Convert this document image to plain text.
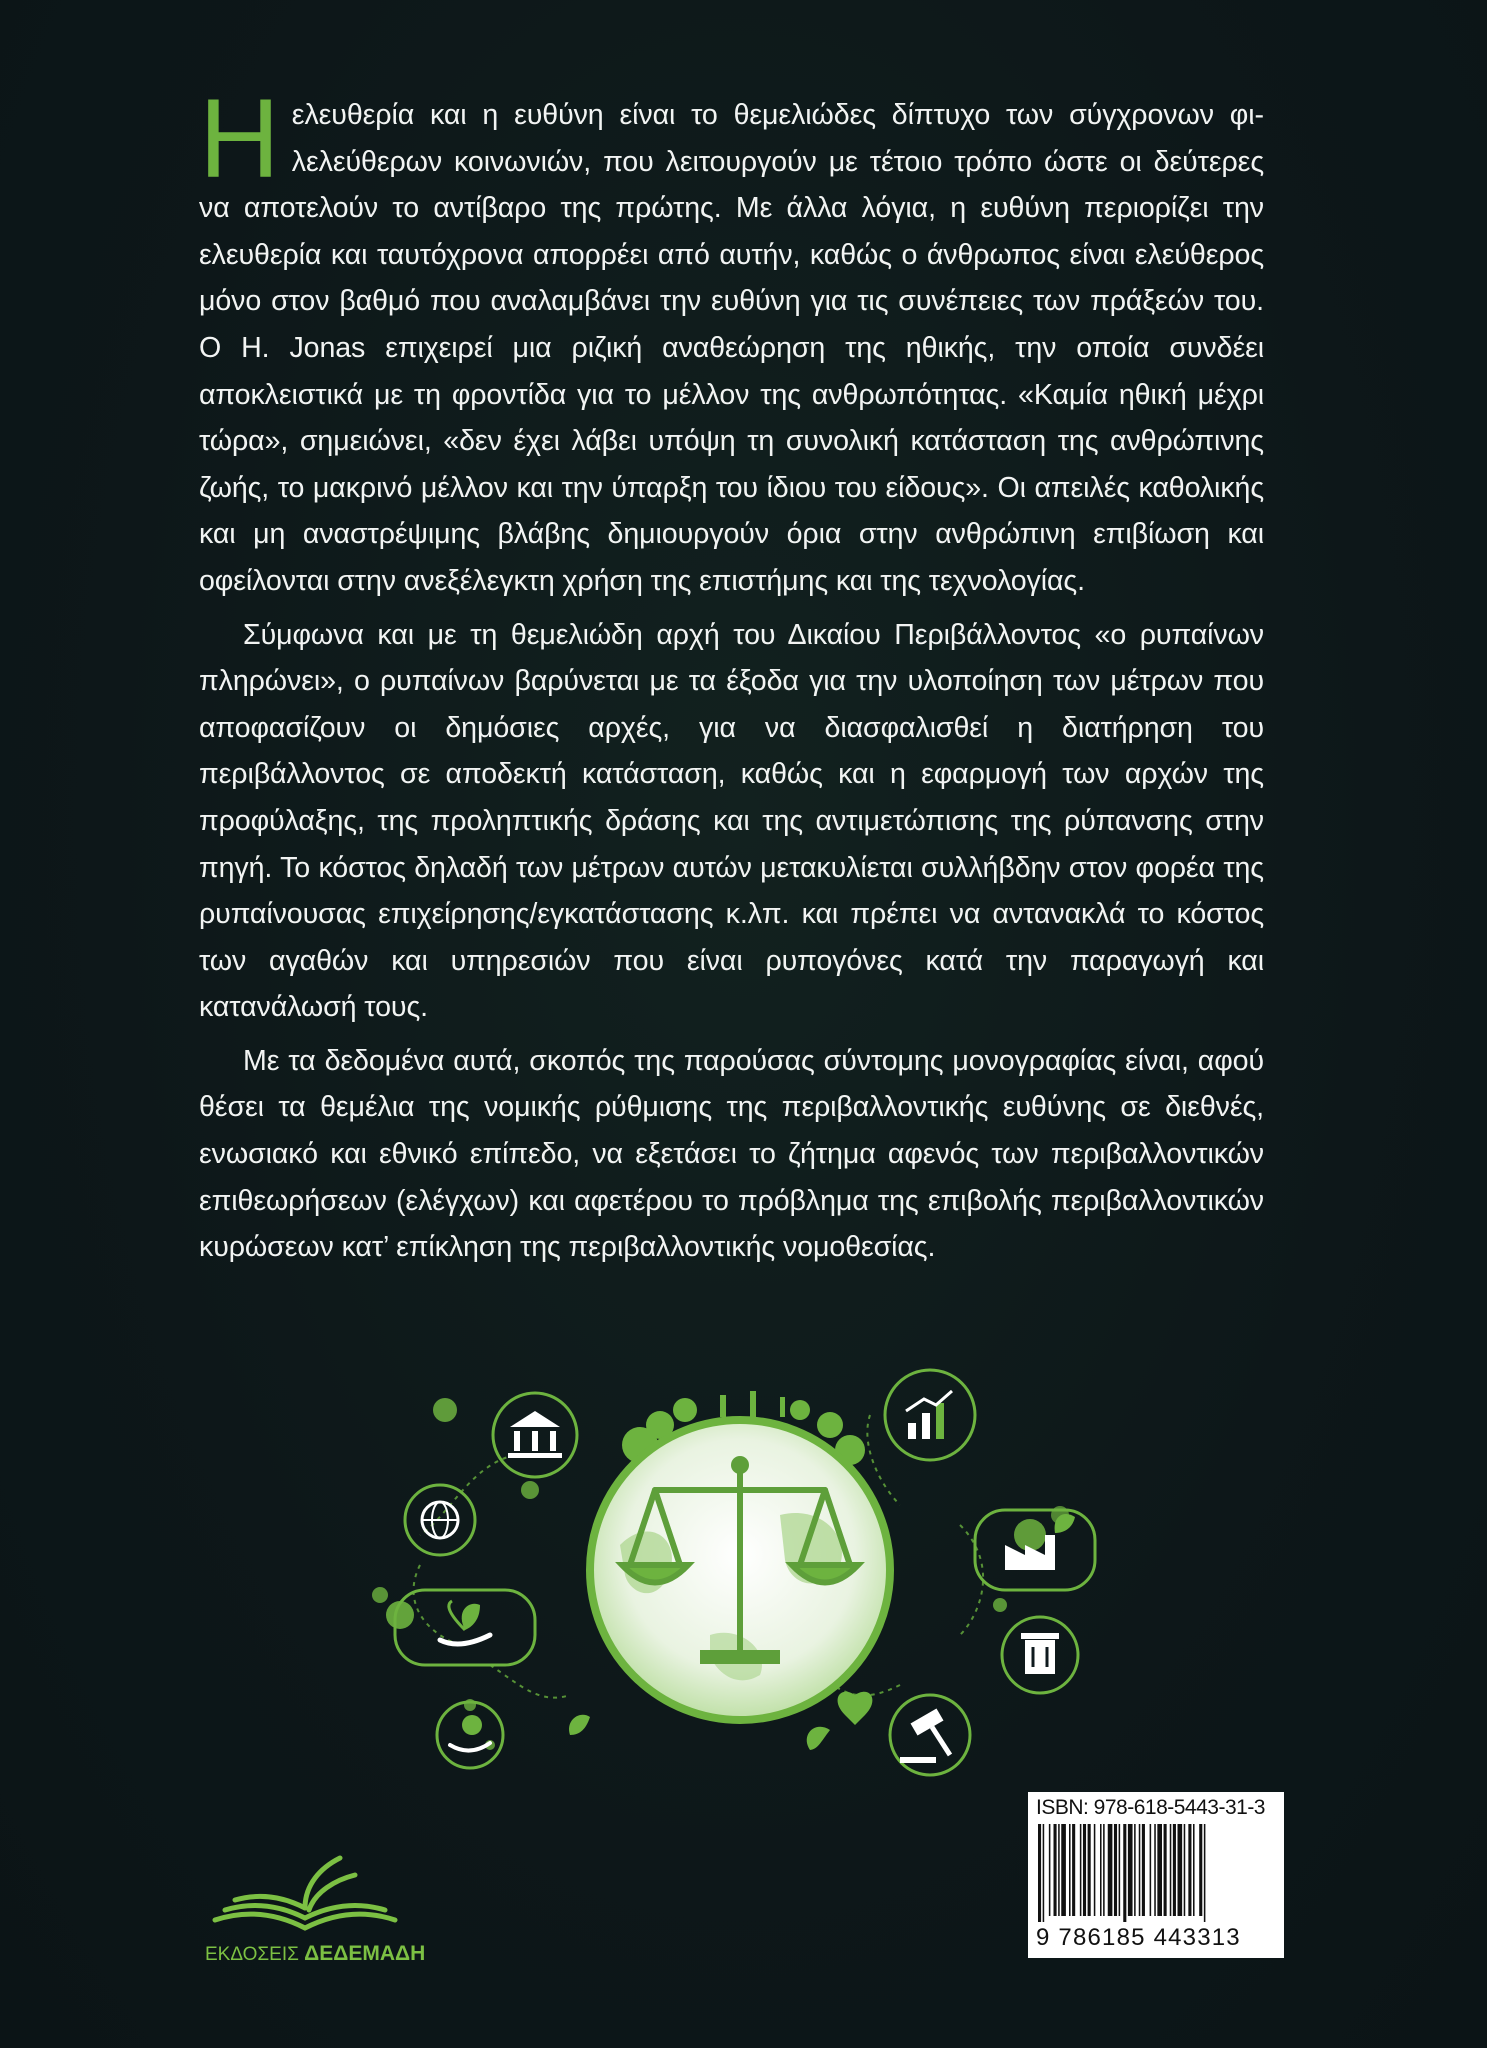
Η ελευθερία και η ευθύνη είναι το θεμελιώδες δίπτυχο των σύγχρονων φιλελεύθερων κοινωνιών, που λειτουργούν με τέτοιο τρόπο ώστε οι δεύτερες να αποτελούν το αντίβαρο της πρώτης. Με άλλα λόγια, η ευθύνη περιορίζει την ελευθερία και ταυτόχρονα απορρέει από αυτήν, καθώς ο άνθρωπος είναι ελεύθερος μόνο στον βαθμό που αναλαμβάνει την ευθύνη για τις συνέπειες των πράξεών του. Ο H. Jonas επιχειρεί μια ριζική αναθεώρηση της ηθικής, την οποία συνδέει αποκλειστικά με τη φροντίδα για το μέλλον της ανθρωπότητας. «Καμία ηθική μέχρι τώρα», σημειώνει, «δεν έχει λάβει υπόψη τη συνολική κατάσταση της ανθρώπινης ζωής, το μακρινό μέλλον και την ύπαρξη του ίδιου του είδους». Οι απειλές καθολικής και μη αναστρέψιμης βλάβης δημιουργούν όρια στην ανθρώπινη επιβίωση και οφείλονται στην ανεξέλεγκτη χρήση της επιστήμης και της τεχνολογίας.

Σύμφωνα και με τη θεμελιώδη αρχή του Δικαίου Περιβάλλοντος «ο ρυπαίνων πληρώνει», ο ρυπαίνων βαρύνεται με τα έξοδα για την υλοποίηση των μέτρων που αποφασίζουν οι δημόσιες αρχές, για να διασφαλισθεί η διατήρηση του περιβάλλοντος σε αποδεκτή κατάσταση, καθώς και η εφαρμογή των αρχών της προφύλαξης, της προληπτικής δράσης και της αντιμετώπισης της ρύπανσης στην πηγή. Το κόστος δηλαδή των μέτρων αυτών μετακυλίεται συλλήβδην στον φορέα της ρυπαίνουσας επιχείρησης/εγκατάστασης κ.λπ. και πρέπει να αντανακλά το κόστος των αγαθών και υπηρεσιών που είναι ρυπογόνες κατά την παραγωγή και κατανάλωσή τους.

Με τα δεδομένα αυτά, σκοπός της παρούσας σύντομης μονογραφίας είναι, αφού θέσει τα θεμέλια της νομικής ρύθμισης της περιβαλλοντικής ευθύνης σε διεθνές, ενωσιακό και εθνικό επίπεδο, να εξετάσει το ζήτημα αφενός των περιβαλλοντικών επιθεωρήσεων (ελέγχων) και αφετέρου το πρόβλημα της επιβολής περιβαλλοντικών κυρώσεων κατ’ επίκληση της περιβαλλοντικής νομοθεσίας.

ISBN: 978-618-5443-31-3
9 786185 443313
ΕΚΔΟΣΕΙΣ ΔΕΔΕΜΑΔΗ
